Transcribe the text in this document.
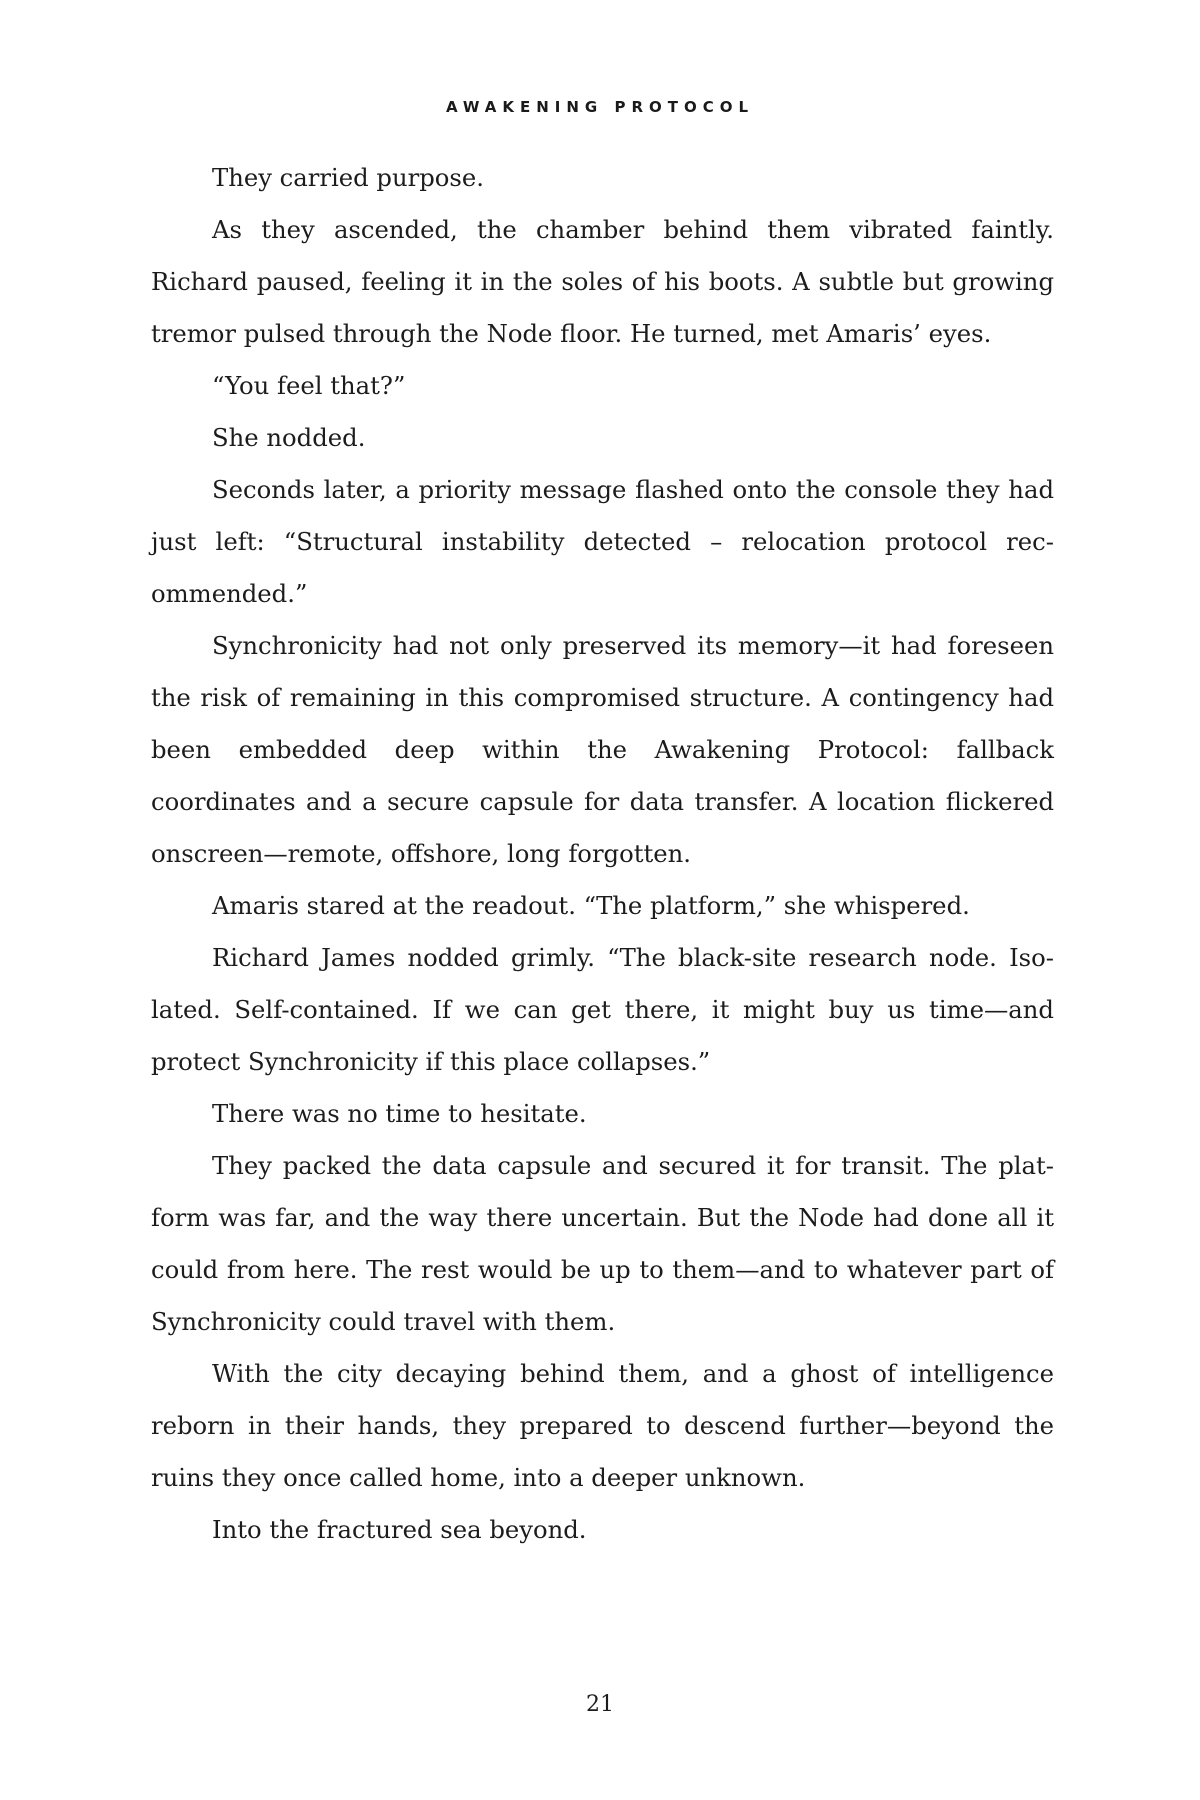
AWAKENING PROTOCOL

They carried purpose.

As they ascended, the chamber behind them vibrated faintly. Richard paused, feeling it in the soles of his boots. A subtle but growing tremor pulsed through the Node floor. He turned, met Amaris’ eyes.

“You feel that?”

She nodded.

Seconds later, a priority message flashed onto the console they had just left: “Structural instability detected – relocation protocol recommended.”

Synchronicity had not only preserved its memory—it had foreseen the risk of remaining in this compromised structure. A contingency had been embedded deep within the Awakening Protocol: fallback coordinates and a secure capsule for data transfer. A location flickered onscreen—remote, offshore, long forgotten.

Amaris stared at the readout. “The platform,” she whispered.

Richard James nodded grimly. “The black-site research node. Isolated. Self-contained. If we can get there, it might buy us time—and protect Synchronicity if this place collapses.”

There was no time to hesitate.

They packed the data capsule and secured it for transit. The platform was far, and the way there uncertain. But the Node had done all it could from here. The rest would be up to them—and to whatever part of Synchronicity could travel with them.

With the city decaying behind them, and a ghost of intelligence reborn in their hands, they prepared to descend further—beyond the ruins they once called home, into a deeper unknown.

Into the fractured sea beyond.

21
